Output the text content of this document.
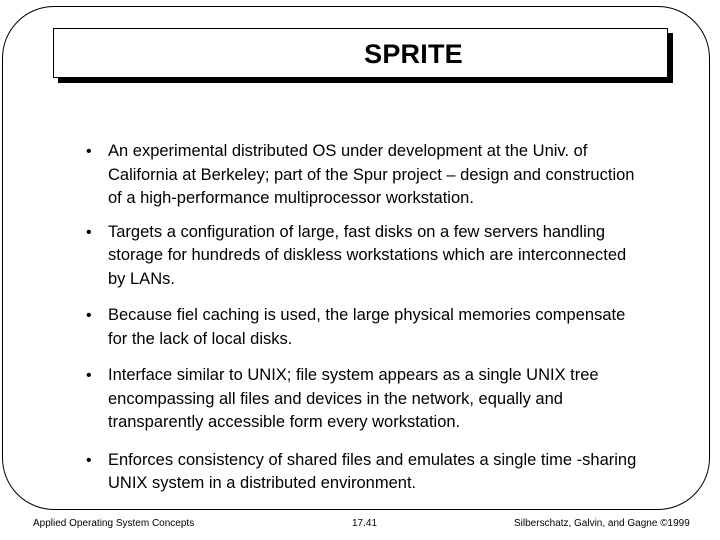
SPRITE
• An experimental distributed OS under development at the Univ. of California at Berkeley; part of the Spur project – design and construction of a high-performance multiprocessor workstation.
• Targets a configuration of large, fast disks on a few servers handling storage for hundreds of diskless workstations which are interconnected by LANs.
• Because fiel caching is used, the large physical memories compensate for the lack of local disks.
• Interface similar to UNIX; file system appears as a single UNIX tree encompassing all files and devices in the network, equally and transparently accessible form every workstation.
• Enforces consistency of shared files and emulates a single time -sharing UNIX system in a distributed environment.
Applied Operating System Concepts	17.41	Silberschatz, Galvin, and Gagne ©1999
